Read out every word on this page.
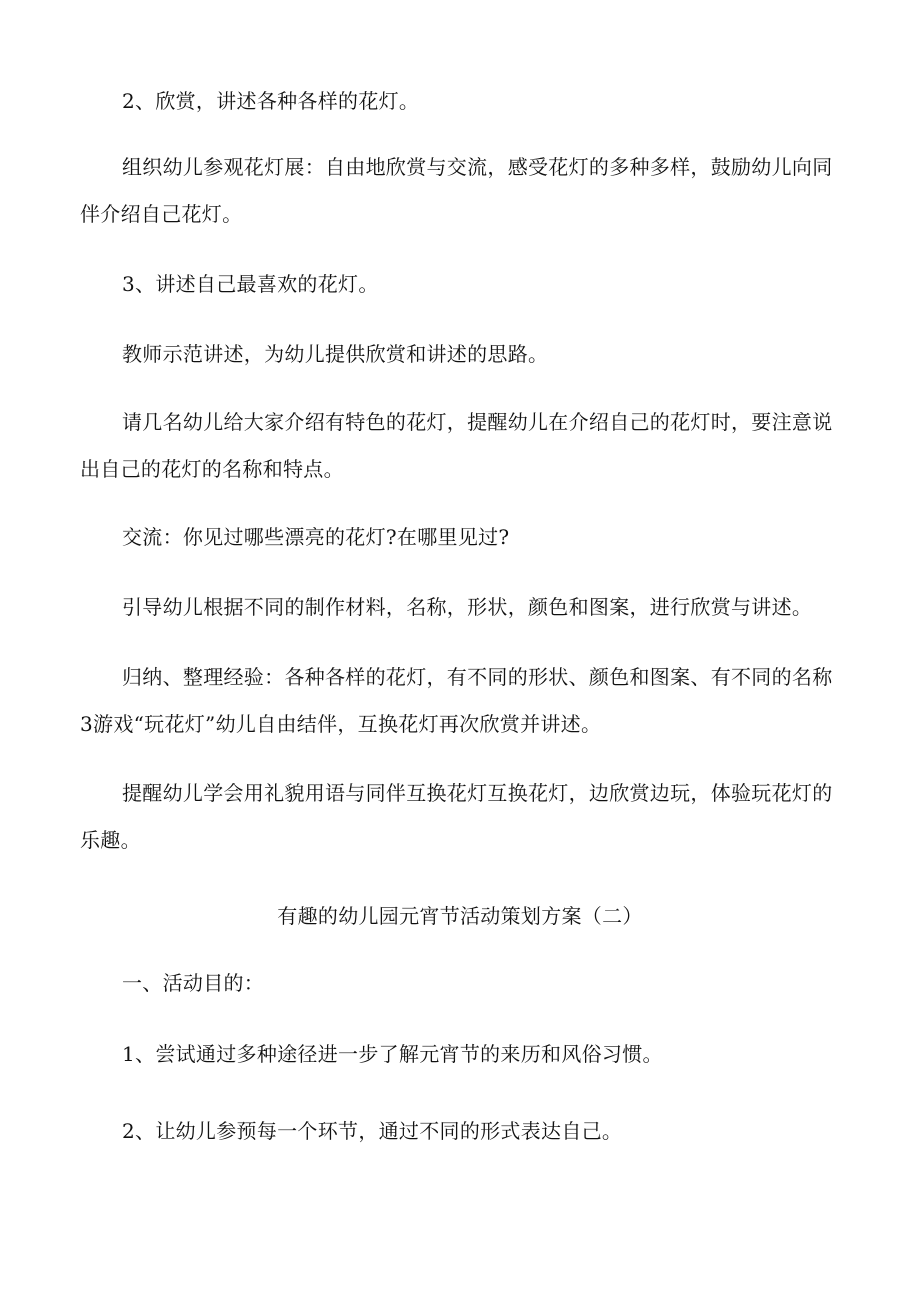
2、欣赏，讲述各种各样的花灯。

组织幼儿参观花灯展：自由地欣赏与交流，感受花灯的多种多样，鼓励幼儿向同伴介绍自己花灯。

3、讲述自己最喜欢的花灯。

教师示范讲述，为幼儿提供欣赏和讲述的思路。

请几名幼儿给大家介绍有特色的花灯，提醒幼儿在介绍自己的花灯时，要注意说出自己的花灯的名称和特点。

交流：你见过哪些漂亮的花灯?在哪里见过?

引导幼儿根据不同的制作材料，名称，形状，颜色和图案，进行欣赏与讲述。

归纳、整理经验：各种各样的花灯，有不同的形状、颜色和图案、有不同的名称3游戏“玩花灯”幼儿自由结伴，互换花灯再次欣赏并讲述。

提醒幼儿学会用礼貌用语与同伴互换花灯互换花灯，边欣赏边玩，体验玩花灯的乐趣。

有趣的幼儿园元宵节活动策划方案（二）

一、活动目的：

1、尝试通过多种途径进一步了解元宵节的来历和风俗习惯。

2、让幼儿参预每一个环节，通过不同的形式表达自己。
